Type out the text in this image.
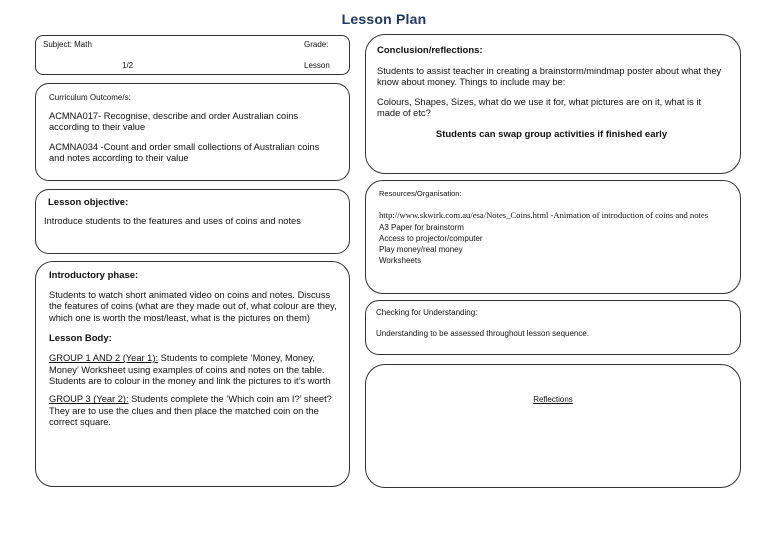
Lesson Plan
Subject: Math	Grade:
1/2	Lesson

Curriculum Outcome/s:

ACMNA017- Recognise, describe and order Australian coins according to their value

ACMNA034 -Count and order small collections of Australian coins and notes according to their value

Lesson objective:

Introduce students to the features and uses of coins and notes

Introductory phase:

Students to watch short animated video on coins and notes. Discuss the features of coins (what are they made out of, what colour are they, which one is worth the most/least, what is the pictures on them)

Lesson Body:

GROUP 1 AND 2 (Year 1): Students to complete ‘Money, Money, Money’ Worksheet using examples of coins and notes on the table. Students are to colour in the money and link the pictures to it’s worth

GROUP 3 (Year 2): Students complete the ‘Which coin am I?’ sheet? They are to use the clues and then place the matched coin on the correct square.

Conclusion/reflections:

Students to assist teacher in creating a brainstorm/mindmap poster about what they know about money. Things to include may be:

Colours, Shapes, Sizes, what do we use it for, what pictures are on it, what is it made of etc?

Students can swap group activities if finished early

Resources/Organisation:

http://www.skwirk.com.au/esa/Notes_Coins.html -Animation of introduction of coins and notes

A3 Paper for brainstorm

Access to projector/computer

Play money/real money

Worksheets

Checking for Understanding:

Understanding to be assessed throughout lesson sequence.

Reflections
